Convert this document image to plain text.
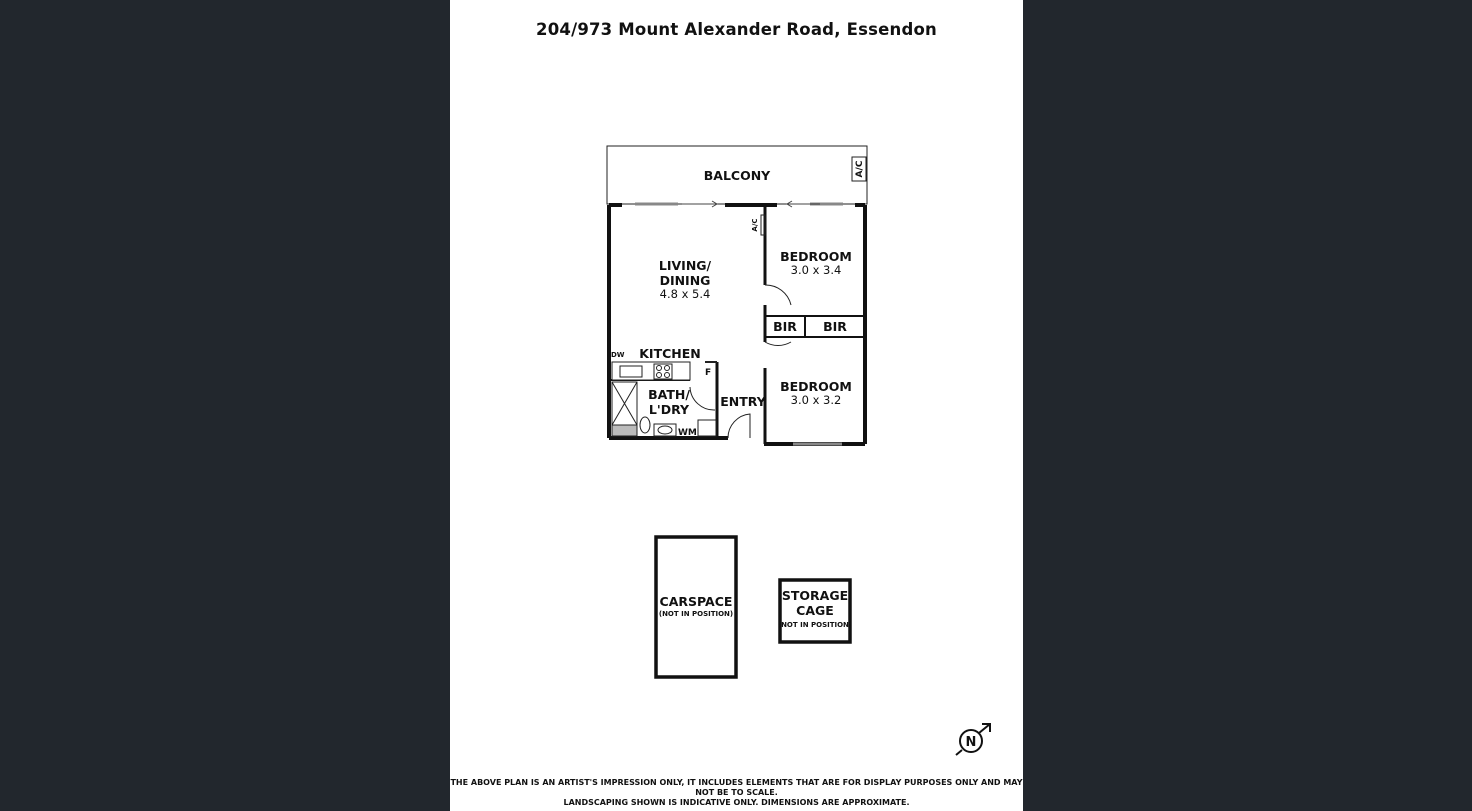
204/973 Mount Alexander Road, Essendon
A/C
A/C
DW
F
WM
BALCONY
LIVING/
DINING
4.8 x 5.4
BEDROOM
3.0 x 3.4
BIR BIR
BEDROOM
3.0 x 3.2
KITCHEN
BATH/
L'DRY
ENTRY
CARSPACE
(NOT IN POSITION)
STORAGE
CAGE
(NOT IN POSITION)
N
THE ABOVE PLAN IS AN ARTIST'S IMPRESSION ONLY, IT INCLUDES ELEMENTS THAT ARE FOR DISPLAY PURPOSES ONLY AND MAY NOT BE TO SCALE.
LANDSCAPING SHOWN IS INDICATIVE ONLY. DIMENSIONS ARE APPROXIMATE.
